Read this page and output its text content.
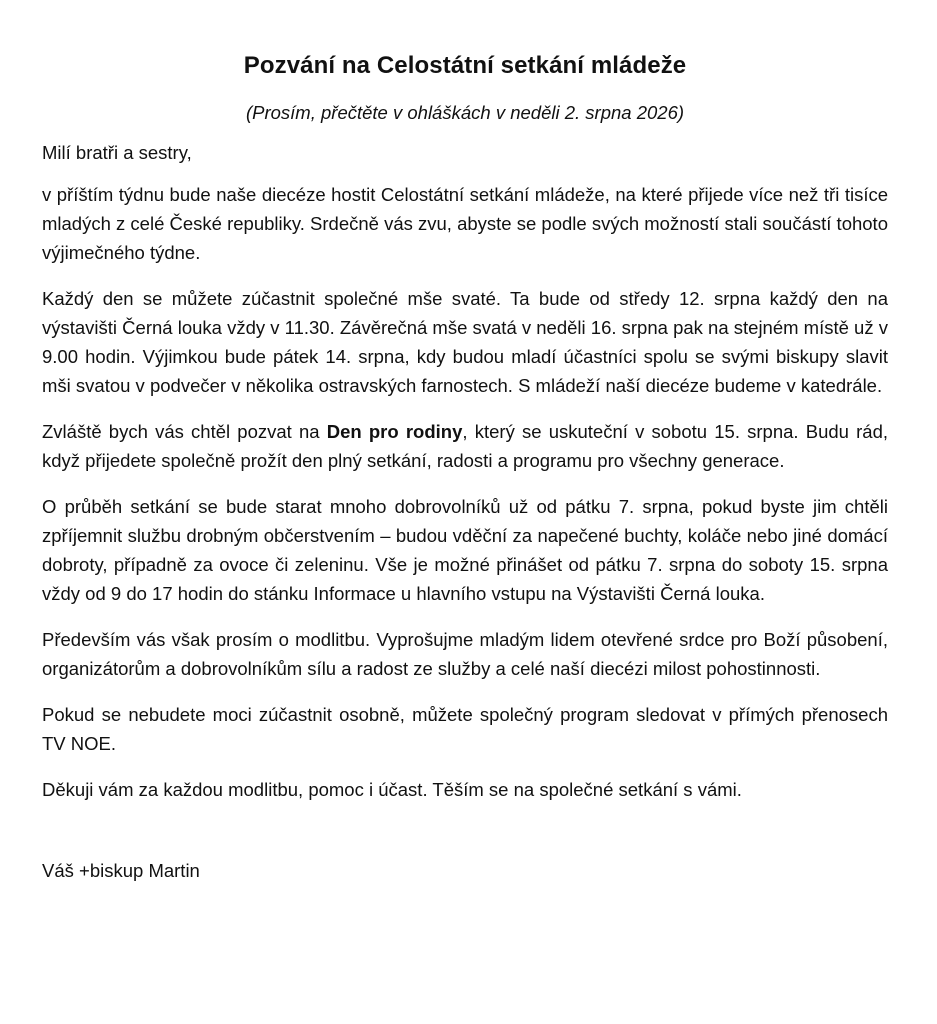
Pozvání na Celostátní setkání mládeže

(Prosím, přečtěte v ohláškách v neděli 2. srpna 2026)

Milí bratři a sestry,

v příštím týdnu bude naše diecéze hostit Celostátní setkání mládeže, na které přijede více než tři tisíce mladých z celé České republiky. Srdečně vás zvu, abyste se podle svých možností stali součástí tohoto výjimečného týdne.

Každý den se můžete zúčastnit společné mše svaté. Ta bude od středy 12. srpna každý den na výstavišti Černá louka vždy v 11.30. Závěrečná mše svatá v neděli 16. srpna pak na stejném místě už v 9.00 hodin. Výjimkou bude pátek 14. srpna, kdy budou mladí účastníci spolu se svými biskupy slavit mši svatou v podvečer v několika ostravských farnostech. S mládeží naší diecéze budeme v katedrále.

Zvláště bych vás chtěl pozvat na Den pro rodiny, který se uskuteční v sobotu 15. srpna. Budu rád, když přijedete společně prožít den plný setkání, radosti a programu pro všechny generace.

O průběh setkání se bude starat mnoho dobrovolníků už od pátku 7. srpna, pokud byste jim chtěli zpříjemnit službu drobným občerstvením – budou vděční za napečené buchty, koláče nebo jiné domácí dobroty, případně za ovoce či zeleninu. Vše je možné přinášet od pátku 7. srpna do soboty 15. srpna vždy od 9 do 17 hodin do stánku Informace u hlavního vstupu na Výstavišti Černá louka.

Především vás však prosím o modlitbu. Vyprošujme mladým lidem otevřené srdce pro Boží působení, organizátorům a dobrovolníkům sílu a radost ze služby a celé naší diecézi milost pohostinnosti.

Pokud se nebudete moci zúčastnit osobně, můžete společný program sledovat v přímých přenosech TV NOE.

Děkuji vám za každou modlitbu, pomoc i účast. Těším se na společné setkání s vámi.

Váš +biskup Martin
